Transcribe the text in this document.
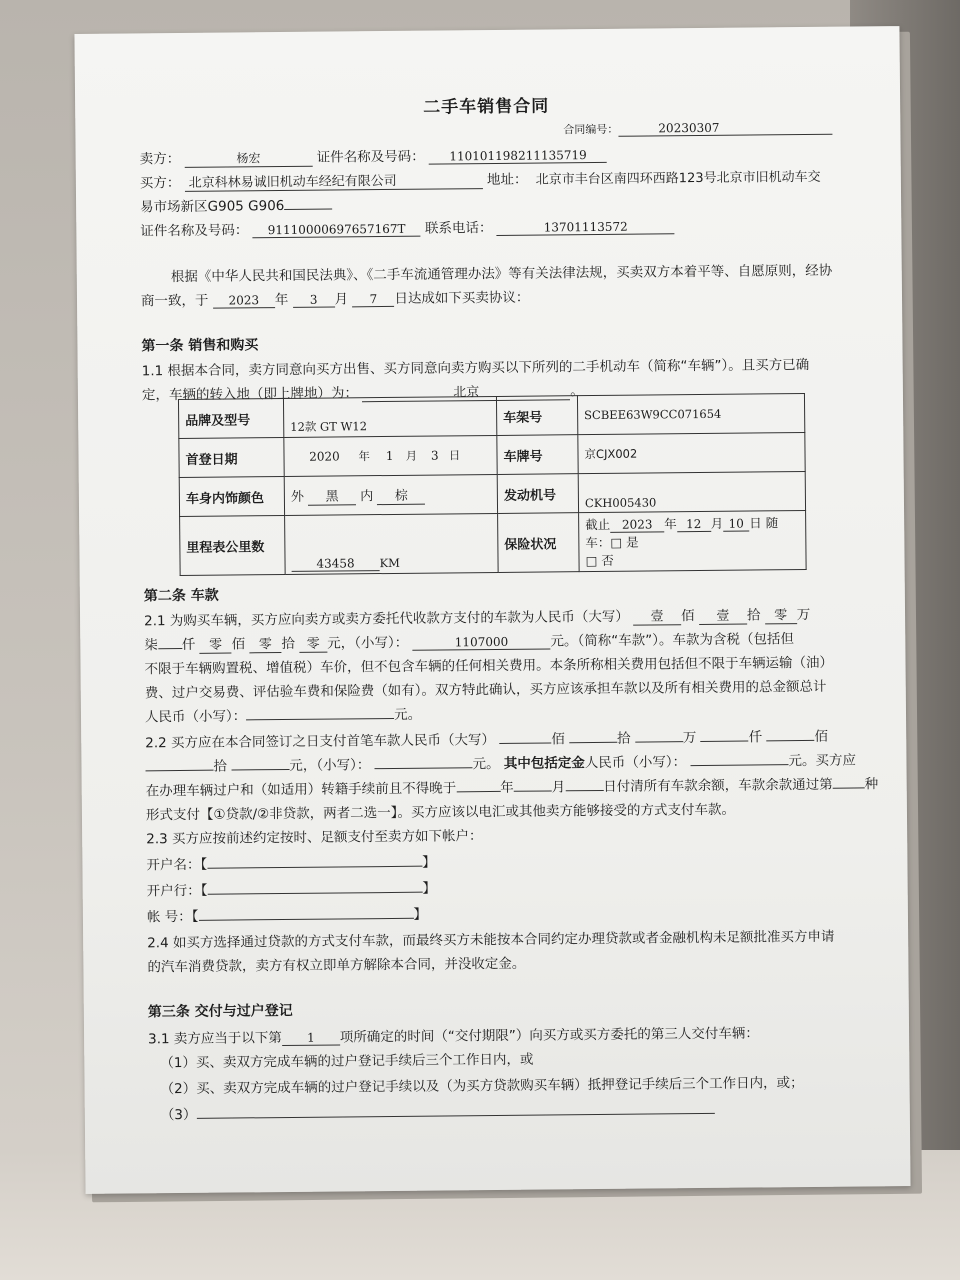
二手车销售合同
合同编号：	20230307
卖方：	杨宏	证件名称及号码： 110101198211135719
买方： 北京科林易诚旧机动车经纪有限公司	地址： 北京市丰台区南四环西路123号北京市旧机动车交
易市场新区G905 G906
证件名称及号码： 91110000697657167T 联系电话：	13701113572
根据《中华人民共和国民法典》、《二手车流通管理办法》等有关法律法规，买卖双方本着平等、自愿原则，经协
商一致，于 2023 年 3 月 7 日达成如下买卖协议：
第一条 销售和购买
1.1 根据本合同，卖方同意向买方出售、买方同意向卖方购买以下所列的二手机动车（简称“车辆”）。且买方已确
定，车辆的转入地（即上牌地）为：	北京	。
品牌及型号	12款 GT W12	车架号	SCBEE63W9CC071654
首登日期	2020 年 1 月 3 日	车牌号	京CJX002
车身内饰颜色	外 黑 内 棕	发动机号	CKH005430
里程表公里数	43458 KM	保险状况	截止 2023 年 12 月 10 日 随车：□ 是
□ 否
第二条 车款
2.1 为购买车辆，买方应向卖方或卖方委托代收款方支付的车款为人民币（大写） 壹 佰 壹 拾 零 万
柒 仟 零 佰 零 拾 零 元，（小写）：	1107000	元。（简称“车款”）。车款为含税（包括但
不限于车辆购置税、增值税）车价，但不包含车辆的任何相关费用。本条所称相关费用包括但不限于车辆运输（油）
费、过户交易费、评估验车费和保险费（如有）。双方特此确认，买方应该承担车款以及所有相关费用的总金额总计
人民币（小写）：	元。
2.2 买方应在本合同签订之日支付首笔车款人民币（大写）	佰	拾	万	仟	佰
拾	元，（小写）：	元。 其中包括定金人民币（小写）：	元。买方应
在办理车辆过户和（如适用）转籍手续前且不得晚于	年	月	日付清所有车款余额，车款余款通过第 种
形式支付【①贷款/②非贷款，两者二选一】。买方应该以电汇或其他卖方能够接受的方式支付车款。
2.3 买方应按前述约定按时、足额支付至卖方如下帐户：
开户名：【	】
开户行：【	】
帐 号：【	】
2.4 如买方选择通过贷款的方式支付车款，而最终买方未能按本合同约定办理贷款或者金融机构未足额批准买方申请
的汽车消费贷款，卖方有权立即单方解除本合同，并没收定金。
第三条 交付与过户登记
3.1 卖方应当于以下第 1 项所确定的时间（“交付期限”）向买方或买方委托的第三人交付车辆：
（1）买、卖双方完成车辆的过户登记手续后三个工作日内，或
（2）买、卖双方完成车辆的过户登记手续以及（为买方贷款购买车辆）抵押登记手续后三个工作日内，或；
（3）
